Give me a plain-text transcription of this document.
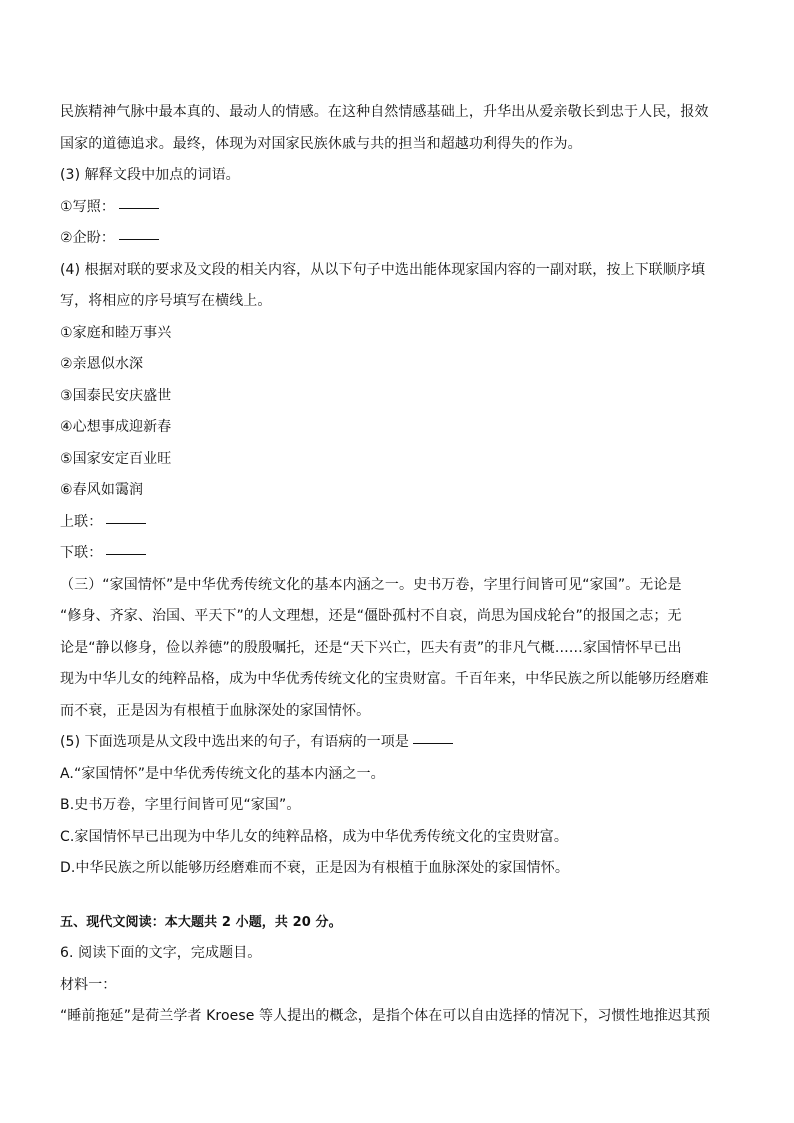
民族精神气脉中最本真的、最动人的情感。在这种自然情感基础上，升华出从爱亲敬长到忠于人民，报效
国家的道德追求。最终，体现为对国家民族休戚与共的担当和超越功利得失的作为。
(3) 解释文段中加点的词语。
①写照：
②企盼：
(4) 根据对联的要求及文段的相关内容，从以下句子中选出能体现家国内容的一副对联，按上下联顺序填
写，将相应的序号填写在横线上。
①家庭和睦万事兴
②亲恩似水深
③国泰民安庆盛世
④心想事成迎新春
⑤国家安定百业旺
⑥春风如霭润
上联：
下联：
（三）“家国情怀”是中华优秀传统文化的基本内涵之一。史书万卷，字里行间皆可见“家国”。无论是
“修身、齐家、治国、平天下”的人文理想，还是“僵卧孤村不自哀，尚思为国戍轮台”的报国之志；无
论是“静以修身，俭以养德”的殷殷嘱托，还是“天下兴亡，匹夫有责”的非凡气概……家国情怀早已出
现为中华儿女的纯粹品格，成为中华优秀传统文化的宝贵财富。千百年来，中华民族之所以能够历经磨难
而不衰，正是因为有根植于血脉深处的家国情怀。
(5) 下面选项是从文段中选出来的句子，有语病的一项是
A.“家国情怀”是中华优秀传统文化的基本内涵之一。
B.史书万卷，字里行间皆可见“家国”。
C.家国情怀早已出现为中华儿女的纯粹品格，成为中华优秀传统文化的宝贵财富。
D.中华民族之所以能够历经磨难而不衰，正是因为有根植于血脉深处的家国情怀。
五、现代文阅读：本大题共 2 小题，共 20 分。
6. 阅读下面的文字，完成题目。
材料一：
“睡前拖延”是荷兰学者 Kroese 等人提出的概念，是指个体在可以自由选择的情况下，习惯性地推迟其预
